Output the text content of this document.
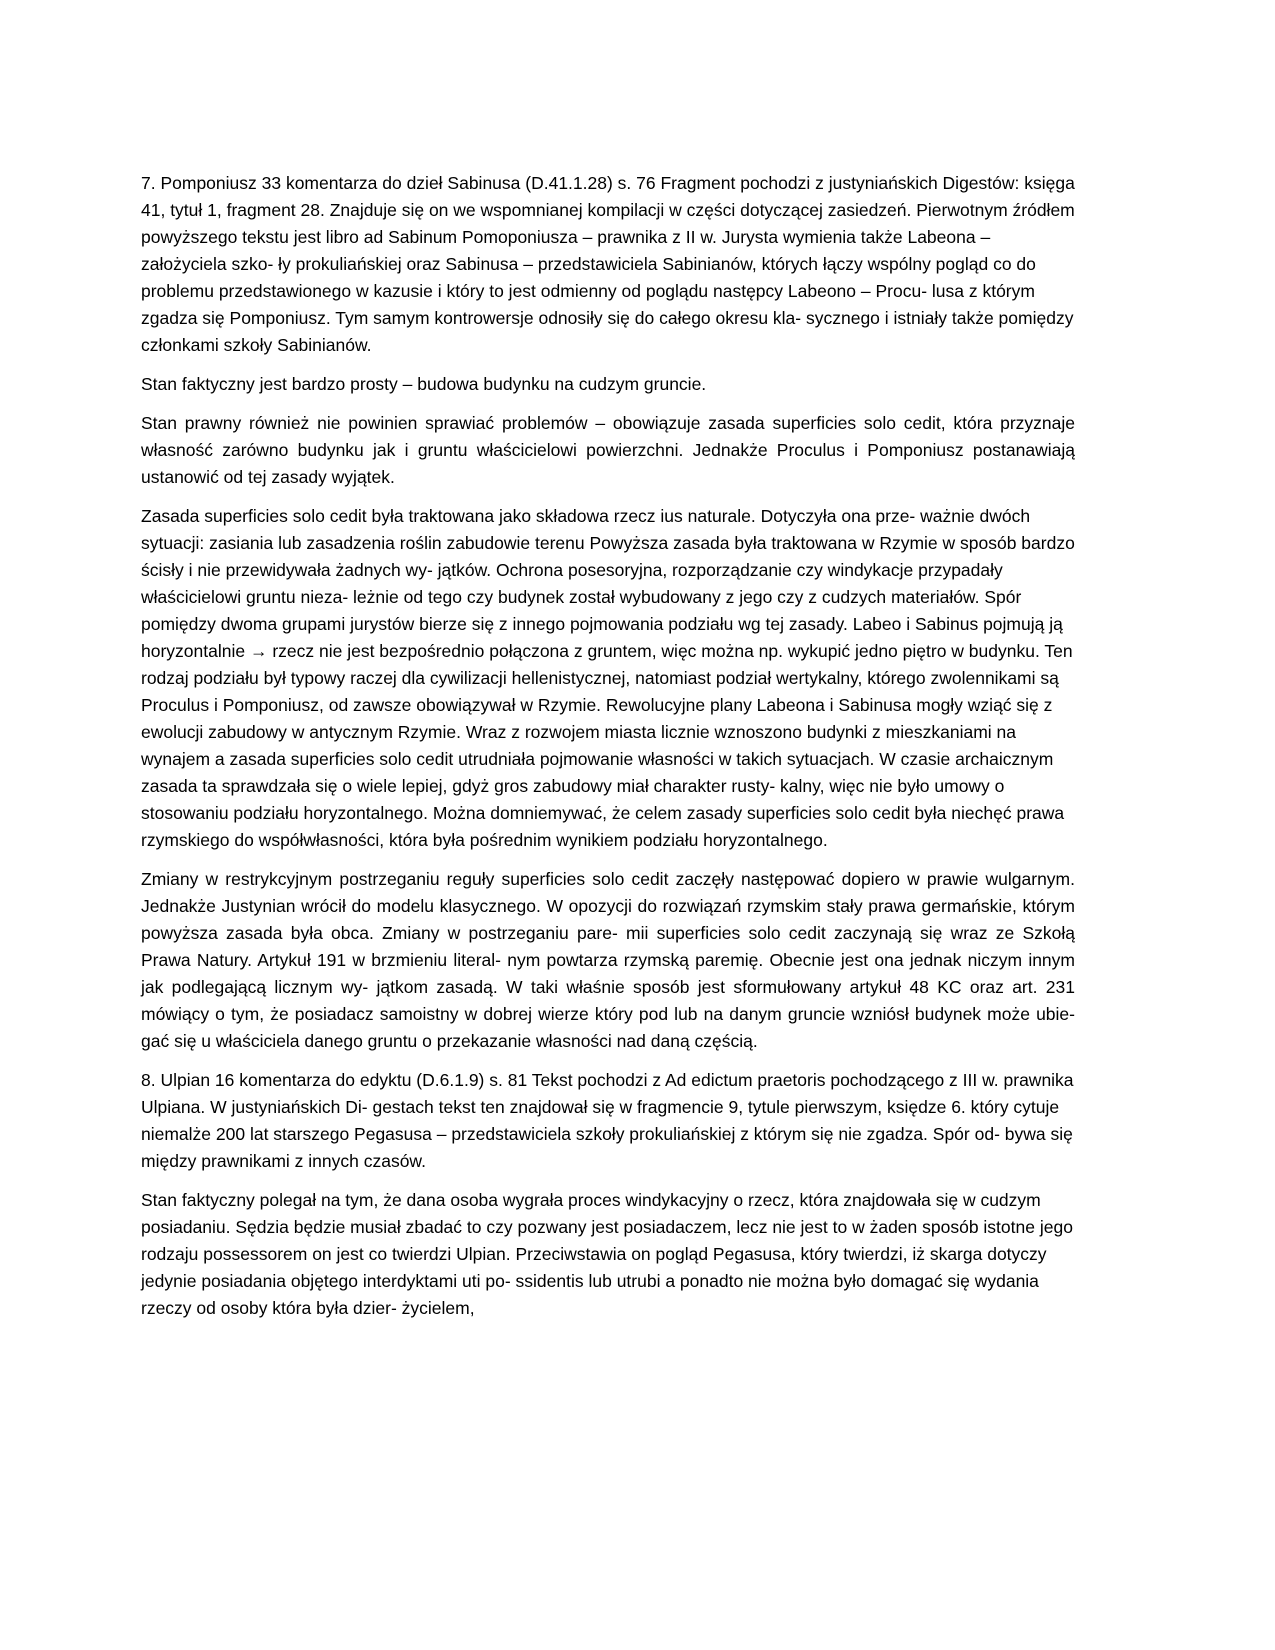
7. Pomponiusz 33 komentarza do dzieł Sabinusa (D.41.1.28) s. 76 Fragment pochodzi z justyniańskich Digestów: księga 41, tytuł 1, fragment 28. Znajduje się on we wspomnianej kompilacji w części dotyczącej zasiedzeń. Pierwotnym źródłem powyższego tekstu jest libro ad Sabinum Pomoponiusza – prawnika z II w. Jurysta wymienia także Labeona – założyciela szko- ły prokuliańskiej oraz Sabinusa – przedstawiciela Sabinianów, których łączy wspólny pogląd co do problemu przedstawionego w kazusie i który to jest odmienny od poglądu następcy Labeono – Procu- lusa z którym zgadza się Pomponiusz. Tym samym kontrowersje odnosiły się do całego okresu kla- sycznego i istniały także pomiędzy członkami szkoły Sabinianów.

Stan faktyczny jest bardzo prosty – budowa budynku na cudzym gruncie.

Stan prawny również nie powinien sprawiać problemów – obowiązuje zasada superficies solo cedit, która przyznaje własność zarówno budynku jak i gruntu właścicielowi powierzchni. Jednakże Proculus i Pomponiusz postanawiają ustanowić od tej zasady wyjątek.

Zasada superficies solo cedit była traktowana jako składowa rzecz ius naturale. Dotyczyła ona prze- ważnie dwóch sytuacji: zasiania lub zasadzenia roślin zabudowie terenu Powyższa zasada była traktowana w Rzymie w sposób bardzo ścisły i nie przewidywała żadnych wy- jątków. Ochrona posesoryjna, rozporządzanie czy windykacje przypadały właścicielowi gruntu nieza- leżnie od tego czy budynek został wybudowany z jego czy z cudzych materiałów. Spór pomiędzy dwoma grupami jurystów bierze się z innego pojmowania podziału wg tej zasady. Labeo i Sabinus pojmują ją horyzontalnie → rzecz nie jest bezpośrednio połączona z gruntem, więc można np. wykupić jedno piętro w budynku. Ten rodzaj podziału był typowy raczej dla cywilizacji hellenistycznej, natomiast podział wertykalny, którego zwolennikami są Proculus i Pomponiusz, od zawsze obowiązywał w Rzymie. Rewolucyjne plany Labeona i Sabinusa mogły wziąć się z ewolucji zabudowy w antycznym Rzymie. Wraz z rozwojem miasta licznie wznoszono budynki z mieszkaniami na wynajem a zasada superficies solo cedit utrudniała pojmowanie własności w takich sytuacjach. W czasie archaicznym zasada ta sprawdzała się o wiele lepiej, gdyż gros zabudowy miał charakter rusty- kalny, więc nie było umowy o stosowaniu podziału horyzontalnego. Można domniemywać, że celem zasady superficies solo cedit była niechęć prawa rzymskiego do współwłasności, która była pośrednim wynikiem podziału horyzontalnego.

Zmiany w restrykcyjnym postrzeganiu reguły superficies solo cedit zaczęły następować dopiero w prawie wulgarnym. Jednakże Justynian wrócił do modelu klasycznego. W opozycji do rozwiązań rzymskim stały prawa germańskie, którym powyższa zasada była obca. Zmiany w postrzeganiu pare- mii superficies solo cedit zaczynają się wraz ze Szkołą Prawa Natury. Artykuł 191 w brzmieniu literal- nym powtarza rzymską paremię. Obecnie jest ona jednak niczym innym jak podlegającą licznym wy- jątkom zasadą. W taki właśnie sposób jest sformułowany artykuł 48 KC oraz art. 231 mówiący o tym, że posiadacz samoistny w dobrej wierze który pod lub na danym gruncie wzniósł budynek może ubie- gać się u właściciela danego gruntu o przekazanie własności nad daną częścią.

8. Ulpian 16 komentarza do edyktu (D.6.1.9) s. 81 Tekst pochodzi z Ad edictum praetoris pochodzącego z III w. prawnika Ulpiana. W justyniańskich Di- gestach tekst ten znajdował się w fragmencie 9, tytule pierwszym, księdze 6. który cytuje niemalże 200 lat starszego Pegasusa – przedstawiciela szkoły prokuliańskiej z którym się nie zgadza. Spór od- bywa się między prawnikami z innych czasów.

Stan faktyczny polegał na tym, że dana osoba wygrała proces windykacyjny o rzecz, która znajdowała się w cudzym posiadaniu. Sędzia będzie musiał zbadać to czy pozwany jest posiadaczem, lecz nie jest to w żaden sposób istotne jego rodzaju possessorem on jest co twierdzi Ulpian. Przeciwstawia on pogląd Pegasusa, który twierdzi, iż skarga dotyczy jedynie posiadania objętego interdyktami uti po- ssidentis lub utrubi a ponadto nie można było domagać się wydania rzeczy od osoby która była dzier- życielem,
